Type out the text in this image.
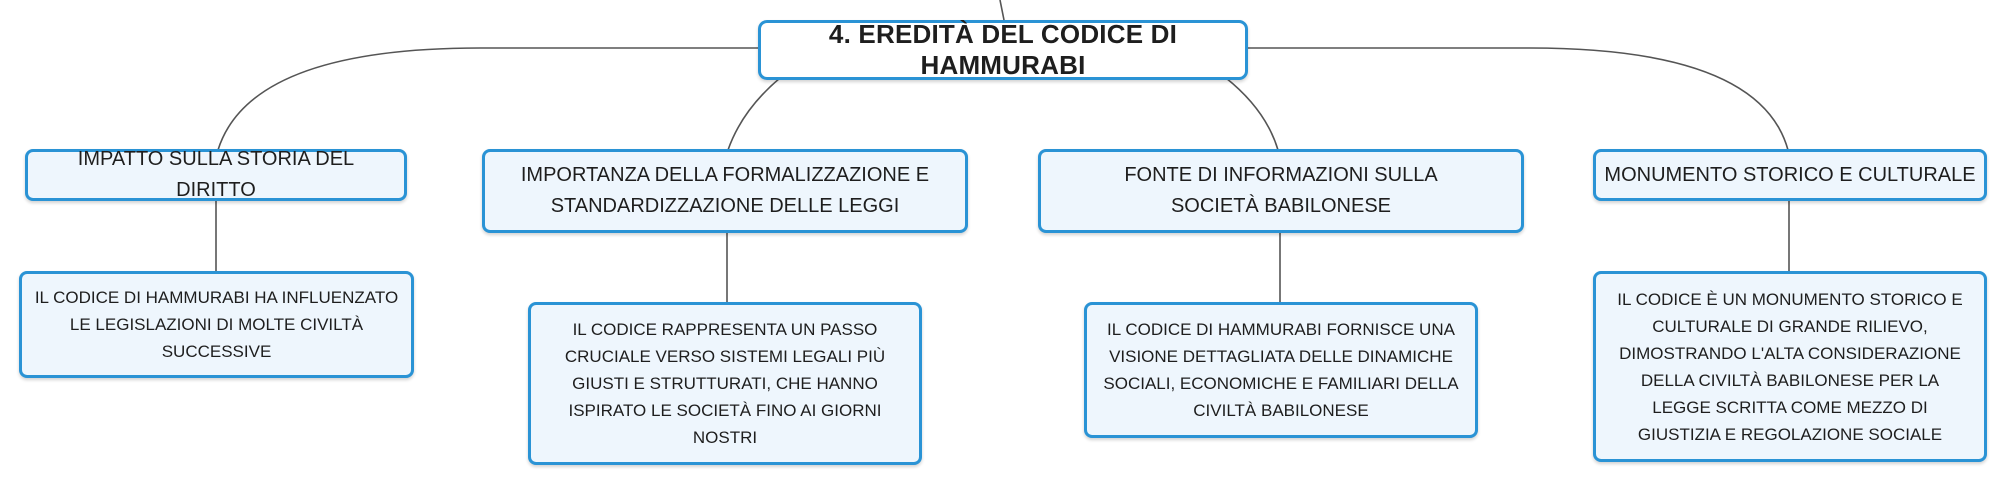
4. EREDITÀ DEL CODICE DI HAMMURABI
IMPATTO SULLA STORIA DEL DIRITTO
IL CODICE DI HAMMURABI HA INFLUENZATO LE LEGISLAZIONI DI MOLTE CIVILTÀ SUCCESSIVE
IMPORTANZA DELLA FORMALIZZAZIONE E STANDARDIZZAZIONE DELLE LEGGI
IL CODICE RAPPRESENTA UN PASSO CRUCIALE VERSO SISTEMI LEGALI PIÙ GIUSTI E STRUTTURATI, CHE HANNO ISPIRATO LE SOCIETÀ FINO AI GIORNI NOSTRI
FONTE DI INFORMAZIONI SULLA SOCIETÀ BABILONESE
IL CODICE DI HAMMURABI FORNISCE UNA VISIONE DETTAGLIATA DELLE DINAMICHE SOCIALI, ECONOMICHE E FAMILIARI DELLA CIVILTÀ BABILONESE
MONUMENTO STORICO E CULTURALE
IL CODICE È UN MONUMENTO STORICO E CULTURALE DI GRANDE RILIEVO, DIMOSTRANDO L'ALTA CONSIDERAZIONE DELLA CIVILTÀ BABILONESE PER LA LEGGE SCRITTA COME MEZZO DI GIUSTIZIA E REGOLAZIONE SOCIALE
